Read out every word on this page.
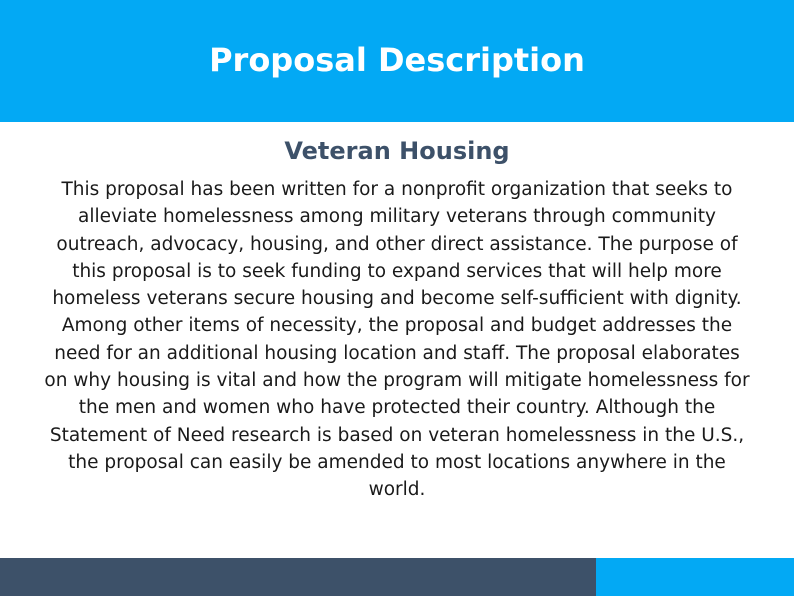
Proposal Description
Veteran Housing

This proposal has been written for a nonprofit organization that seeks to alleviate homelessness among military veterans through community outreach, advocacy, housing, and other direct assistance. The purpose of this proposal is to seek funding to expand services that will help more homeless veterans secure housing and become self-sufficient with dignity. Among other items of necessity, the proposal and budget addresses the need for an additional housing location and staff. The proposal elaborates on why housing is vital and how the program will mitigate homelessness for the men and women who have protected their country. Although the Statement of Need research is based on veteran homelessness in the U.S., the proposal can easily be amended to most locations anywhere in the world.
